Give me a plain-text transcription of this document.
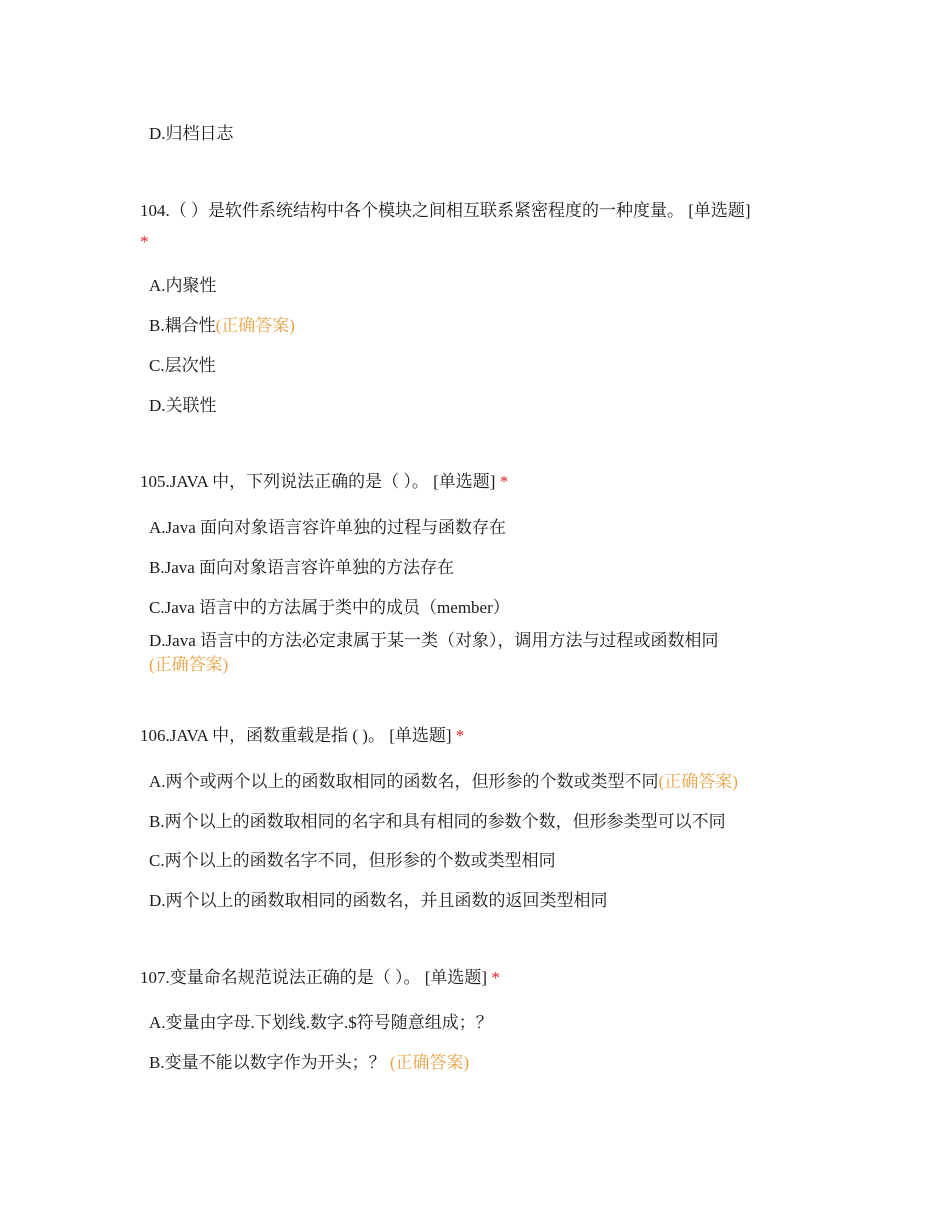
D.归档日志
104.（ ）是软件系统结构中各个模块之间相互联系紧密程度的一种度量。 [单选题]
*
A.内聚性
B.耦合性(正确答案)
C.层次性
D.关联性
105.JAVA 中，下列说法正确的是（ ）。 [单选题] *
A.Java 面向对象语言容许单独的过程与函数存在
B.Java 面向对象语言容许单独的方法存在
C.Java 语言中的方法属于类中的成员（member）
D.Java 语言中的方法必定隶属于某一类（对象），调用方法与过程或函数相同
(正确答案)
106.JAVA 中，函数重载是指 ( )。 [单选题] *
A.两个或两个以上的函数取相同的函数名，但形参的个数或类型不同(正确答案)
B.两个以上的函数取相同的名字和具有相同的参数个数，但形参类型可以不同
C.两个以上的函数名字不同，但形参的个数或类型相同
D.两个以上的函数取相同的函数名，并且函数的返回类型相同
107.变量命名规范说法正确的是（ ）。 [单选题] *
A.变量由字母.下划线.数字.$符号随意组成；？
B.变量不能以数字作为开头；？ (正确答案)
